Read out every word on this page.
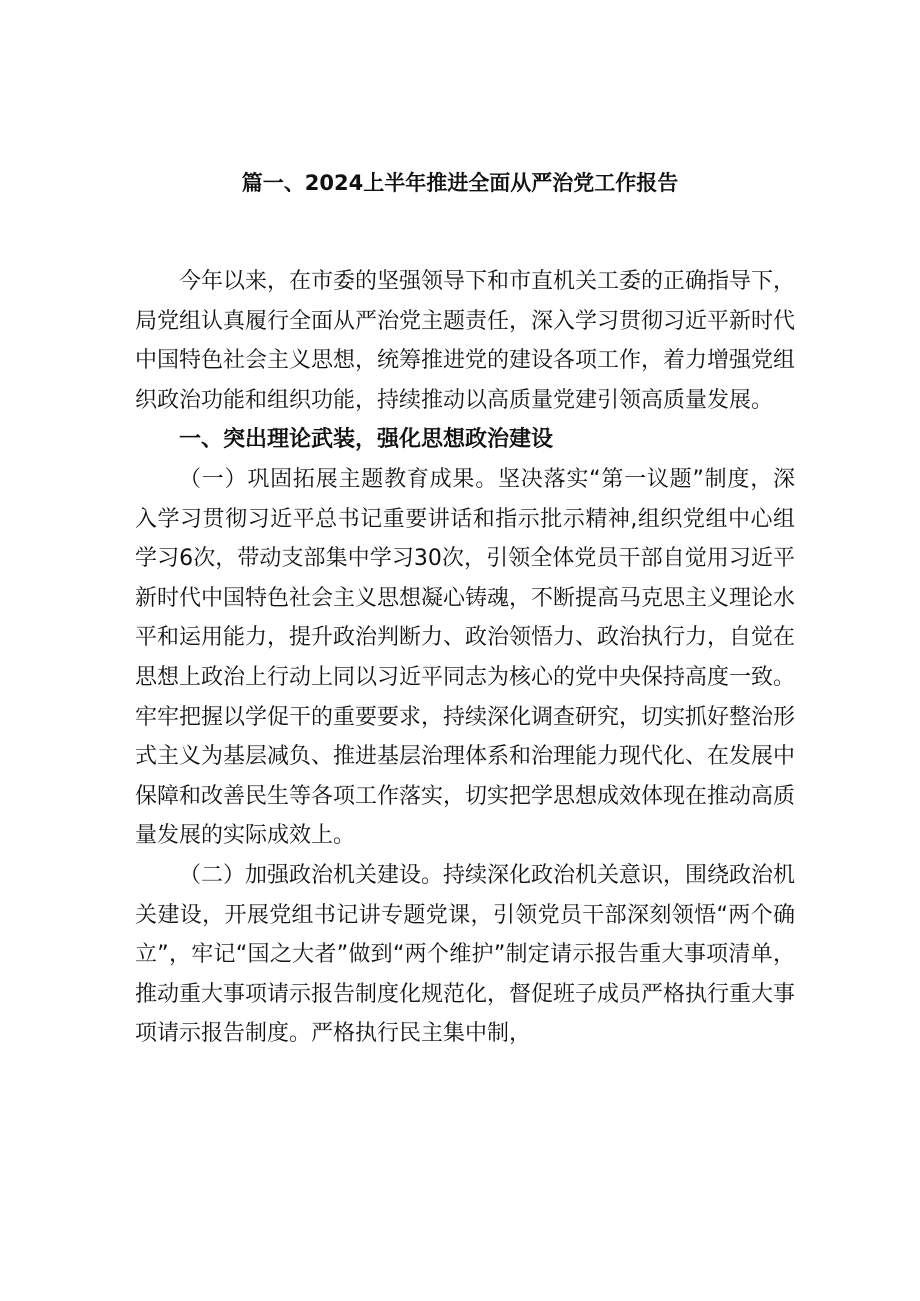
篇一、2024上半年推进全面从严治党工作报告

今年以来，在市委的坚强领导下和市直机关工委的正确指导下，局党组认真履行全面从严治党主题责任，深入学习贯彻习近平新时代中国特色社会主义思想，统筹推进党的建设各项工作，着力增强党组织政治功能和组织功能，持续推动以高质量党建引领高质量发展。

一、突出理论武装，强化思想政治建设

（一）巩固拓展主题教育成果。坚决落实“第一议题”制度，深入学习贯彻习近平总书记重要讲话和指示批示精神,组织党组中心组学习6次，带动支部集中学习30次，引领全体党员干部自觉用习近平新时代中国特色社会主义思想凝心铸魂，不断提高马克思主义理论水平和运用能力，提升政治判断力、政治领悟力、政治执行力，自觉在思想上政治上行动上同以习近平同志为核心的党中央保持高度一致。牢牢把握以学促干的重要要求，持续深化调查研究，切实抓好整治形式主义为基层减负、推进基层治理体系和治理能力现代化、在发展中保障和改善民生等各项工作落实，切实把学思想成效体现在推动高质量发展的实际成效上。

（二）加强政治机关建设。持续深化政治机关意识，围绕政治机关建设，开展党组书记讲专题党课，引领党员干部深刻领悟“两个确立”，牢记“国之大者”做到“两个维护”制定请示报告重大事项清单，推动重大事项请示报告制度化规范化，督促班子成员严格执行重大事项请示报告制度。严格执行民主集中制，
